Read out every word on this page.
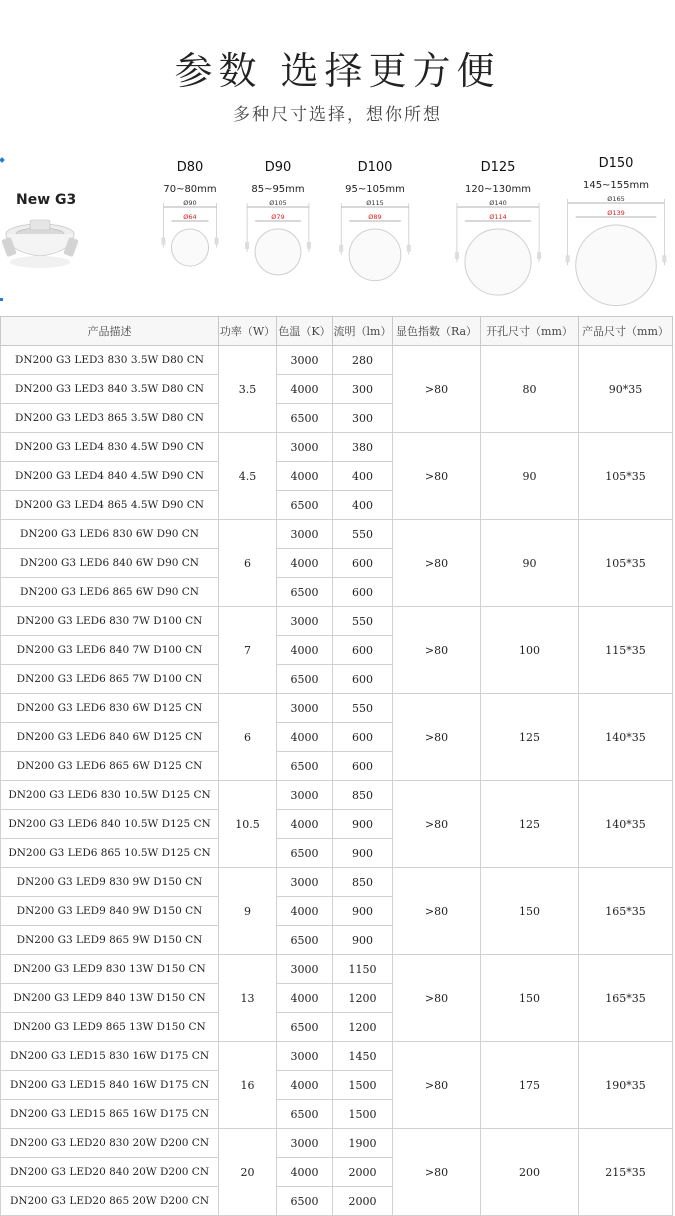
参数 选择更方便
多种尺寸选择，想你所想
New G3
D80
70~80mm
Ø90
Ø64
D90
85~95mm
Ø105
Ø79
D100
95~105mm
Ø115
Ø89
D125
120~130mm
Ø140
Ø114
D150
145~155mm
Ø165
Ø139
产品描述	功率（W）	色温（K）	流明（lm）	显色指数（Ra）	开孔尺寸（mm）	产品尺寸（mm）
DN200 G3 LED3 830 3.5W D80 CN	3.5	3000	280	>80	80	90*35
DN200 G3 LED3 840 3.5W D80 CN		4000	300			
DN200 G3 LED3 865 3.5W D80 CN		6500	300			
DN200 G3 LED4 830 4.5W D90 CN	4.5	3000	380	>80	90	105*35
DN200 G3 LED4 840 4.5W D90 CN		4000	400			
DN200 G3 LED4 865 4.5W D90 CN		6500	400			
DN200 G3 LED6 830 6W D90 CN	6	3000	550	>80	90	105*35
DN200 G3 LED6 840 6W D90 CN		4000	600			
DN200 G3 LED6 865 6W D90 CN		6500	600			
DN200 G3 LED6 830 7W D100 CN	7	3000	550	>80	100	115*35
DN200 G3 LED6 840 7W D100 CN		4000	600			
DN200 G3 LED6 865 7W D100 CN		6500	600			
DN200 G3 LED6 830 6W D125 CN	6	3000	550	>80	125	140*35
DN200 G3 LED6 840 6W D125 CN		4000	600			
DN200 G3 LED6 865 6W D125 CN		6500	600			
DN200 G3 LED6 830 10.5W D125 CN	10.5	3000	850	>80	125	140*35
DN200 G3 LED6 840 10.5W D125 CN		4000	900			
DN200 G3 LED6 865 10.5W D125 CN		6500	900			
DN200 G3 LED9 830 9W D150 CN	9	3000	850	>80	150	165*35
DN200 G3 LED9 840 9W D150 CN		4000	900			
DN200 G3 LED9 865 9W D150 CN		6500	900			
DN200 G3 LED9 830 13W D150 CN	13	3000	1150	>80	150	165*35
DN200 G3 LED9 840 13W D150 CN		4000	1200			
DN200 G3 LED9 865 13W D150 CN		6500	1200			
DN200 G3 LED15 830 16W D175 CN	16	3000	1450	>80	175	190*35
DN200 G3 LED15 840 16W D175 CN		4000	1500			
DN200 G3 LED15 865 16W D175 CN		6500	1500			
DN200 G3 LED20 830 20W D200 CN	20	3000	1900	>80	200	215*35
DN200 G3 LED20 840 20W D200 CN		4000	2000			
DN200 G3 LED20 865 20W D200 CN		6500	2000			
